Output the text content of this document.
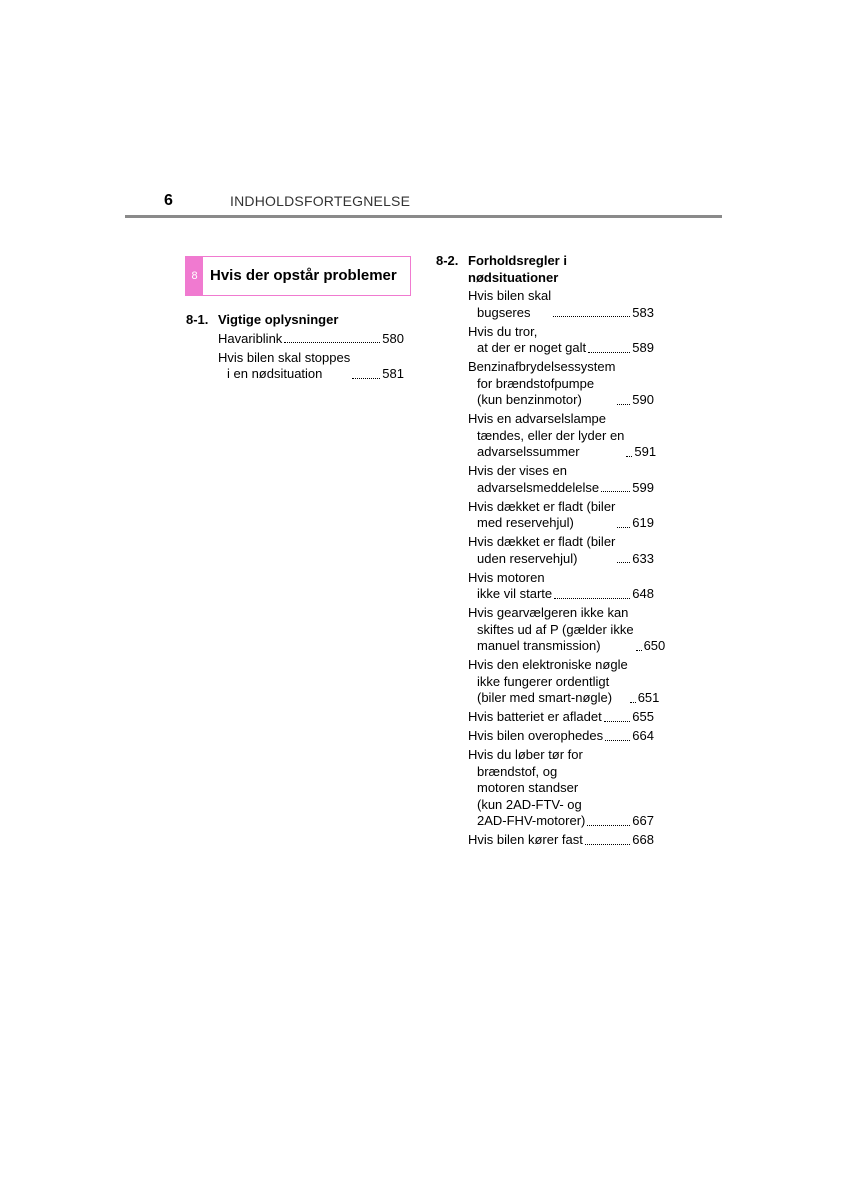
6	INDHOLDSFORTEGNELSE
8 Hvis der opstår problemer
8-1. Vigtige oplysninger
Havariblink	580
Hvis bilen skal stoppes
i en nødsituation	581
8-2. Forholdsregler i
nødsituationer
Hvis bilen skal
bugseres	583
Hvis du tror,
at der er noget galt	589
Benzinafbrydelsessystem
for brændstofpumpe
(kun benzinmotor)	590
Hvis en advarselslampe
tændes, eller der lyder en
advarselssummer	591
Hvis der vises en
advarselsmeddelelse	599
Hvis dækket er fladt (biler
med reservehjul)	619
Hvis dækket er fladt (biler
uden reservehjul)	633
Hvis motoren
ikke vil starte	648
Hvis gearvælgeren ikke kan
skiftes ud af P (gælder ikke
manuel transmission)	650
Hvis den elektroniske nøgle
ikke fungerer ordentligt
(biler med smart-nøgle)	651
Hvis batteriet er afladet 655
Hvis bilen overophedes 664
Hvis du løber tør for
brændstof, og
motoren standser
(kun 2AD-FTV- og
2AD-FHV-motorer)	667
Hvis bilen kører fast	668
